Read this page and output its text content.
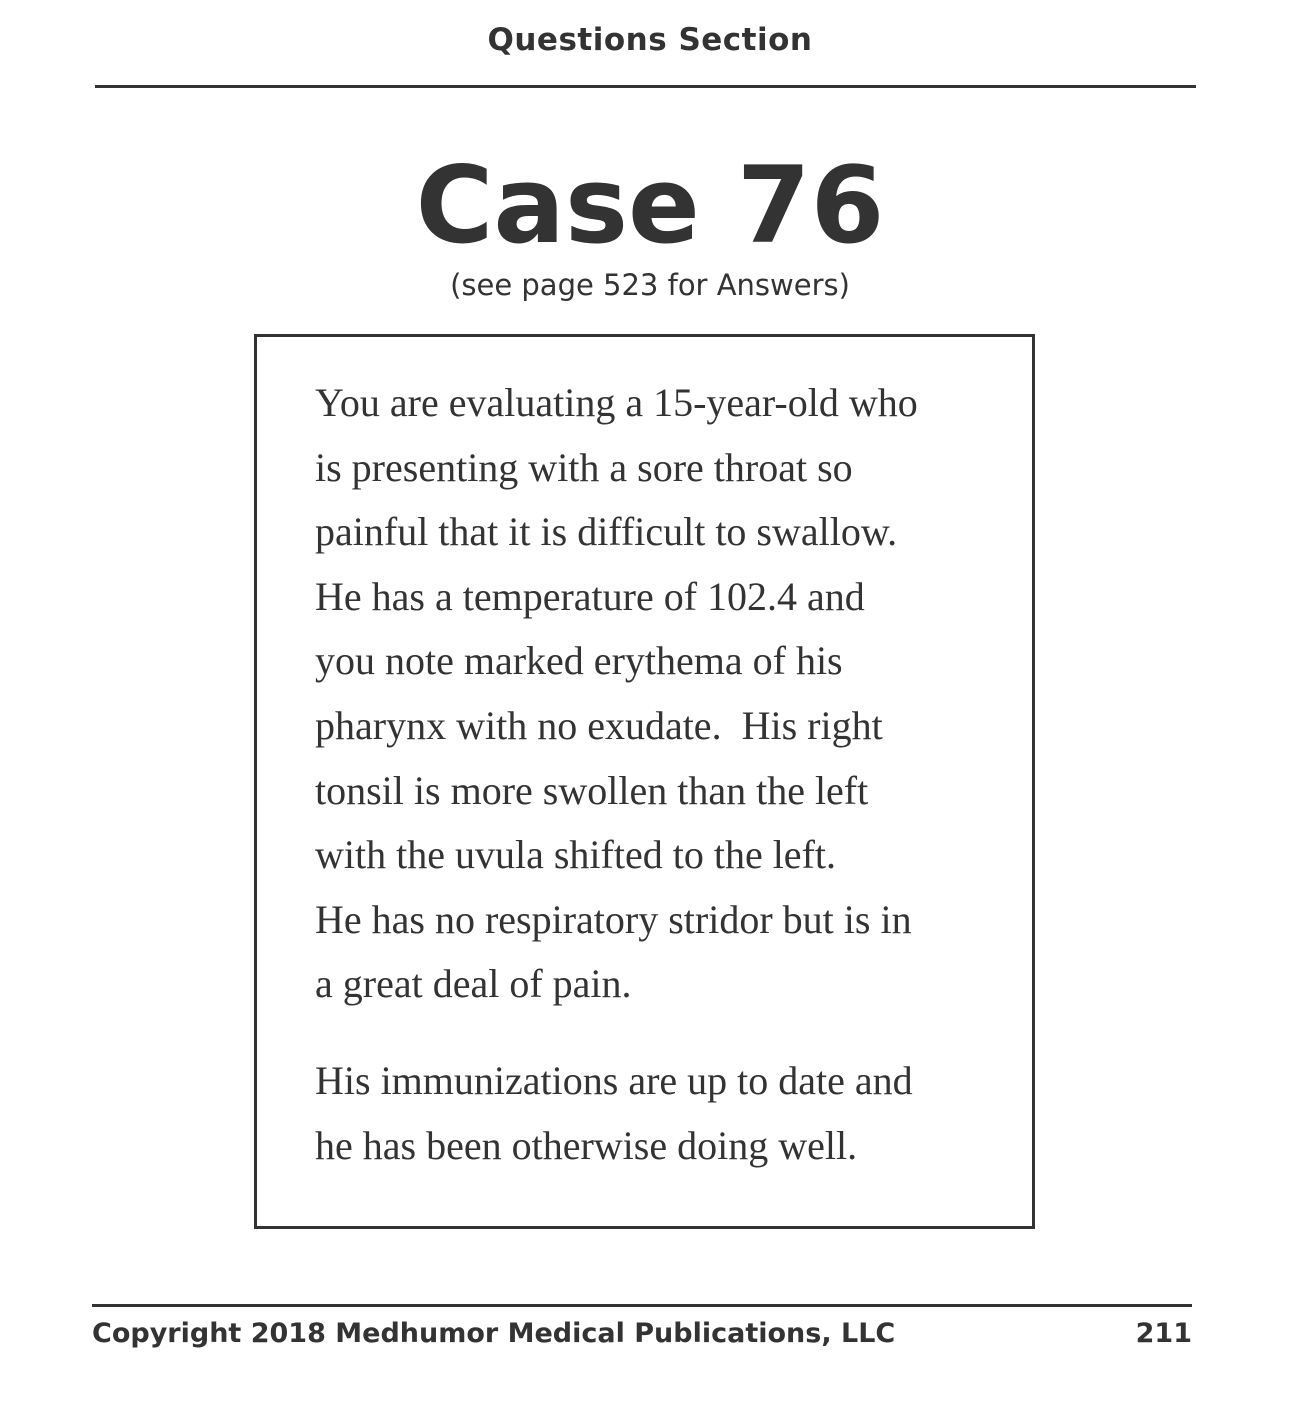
Questions Section
Case 76
(see page 523 for Answers)

You are evaluating a 15-year-old who
is presenting with a sore throat so
painful that it is difficult to swallow.
He has a temperature of 102.4 and
you note marked erythema of his
pharynx with no exudate.  His right
tonsil is more swollen than the left
with the uvula shifted to the left.
He has no respiratory stridor but is in
a great deal of pain.

His immunizations are up to date and
he has been otherwise doing well.

Copyright 2018 Medhumor Medical Publications, LLC	211
